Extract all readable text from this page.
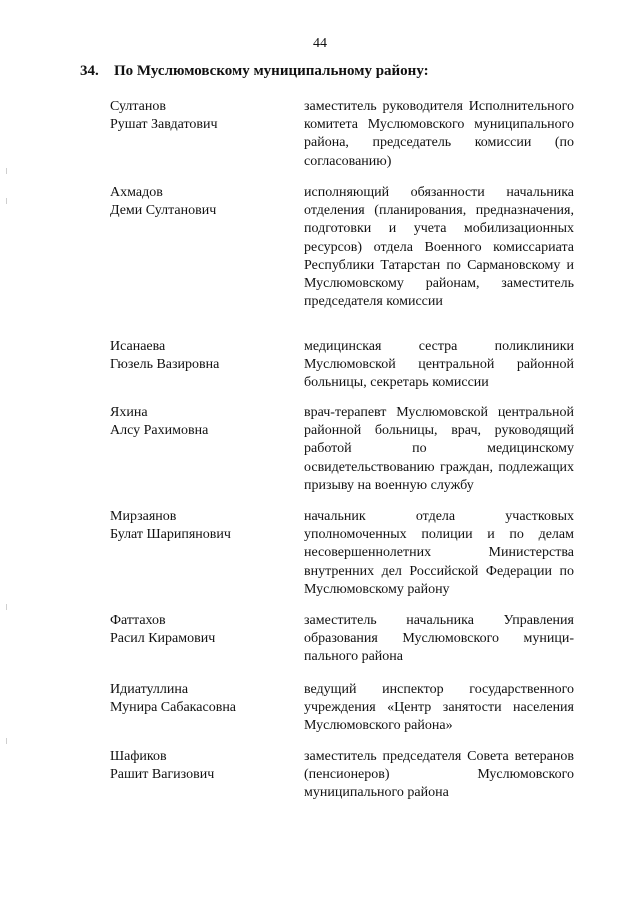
44
34. По Муслюмовскому муниципальному району:
Султанов
Рушат Завдатович
заместитель руководителя Исполнительного комитета Муслюмовского муниципального района, председатель комиссии (по согласованию)
Ахмадов
Деми Султанович
исполняющий обязанности начальника отделения (планирования, предназначения, подготовки и учета мобилизационных ресурсов) отдела Военного комиссариата Республики Татарстан по Сармановскому и Муслюмовскому районам, заместитель председателя комиссии
Исанаева
Гюзель Вазировна
медицинская сестра поликлиники Муслюмовской центральной районной больницы, секретарь комиссии
Яхина
Алсу Рахимовна
врач-терапевт Муслюмовской центральной районной больницы, врач, руководящий работой по медицинскому освидетельствованию граждан, подлежащих призыву на военную службу
Мирзаянов
Булат Шарипянович
начальник отдела участковых уполномоченных полиции и по делам несовершеннолетних Министерства внутренних дел Российской Федерации по Муслюмовскому району
Фаттахов
Расил Кирамович
заместитель начальника Управления образования Муслюмовского муниципального района
Идиатуллина
Мунира Сабакасовна
ведущий инспектор государственного учреждения «Центр занятости населения Муслюмовского района»
Шафиков
Рашит Вагизович
заместитель председателя Совета ветеранов (пенсионеров) Муслюмовского муниципального района
